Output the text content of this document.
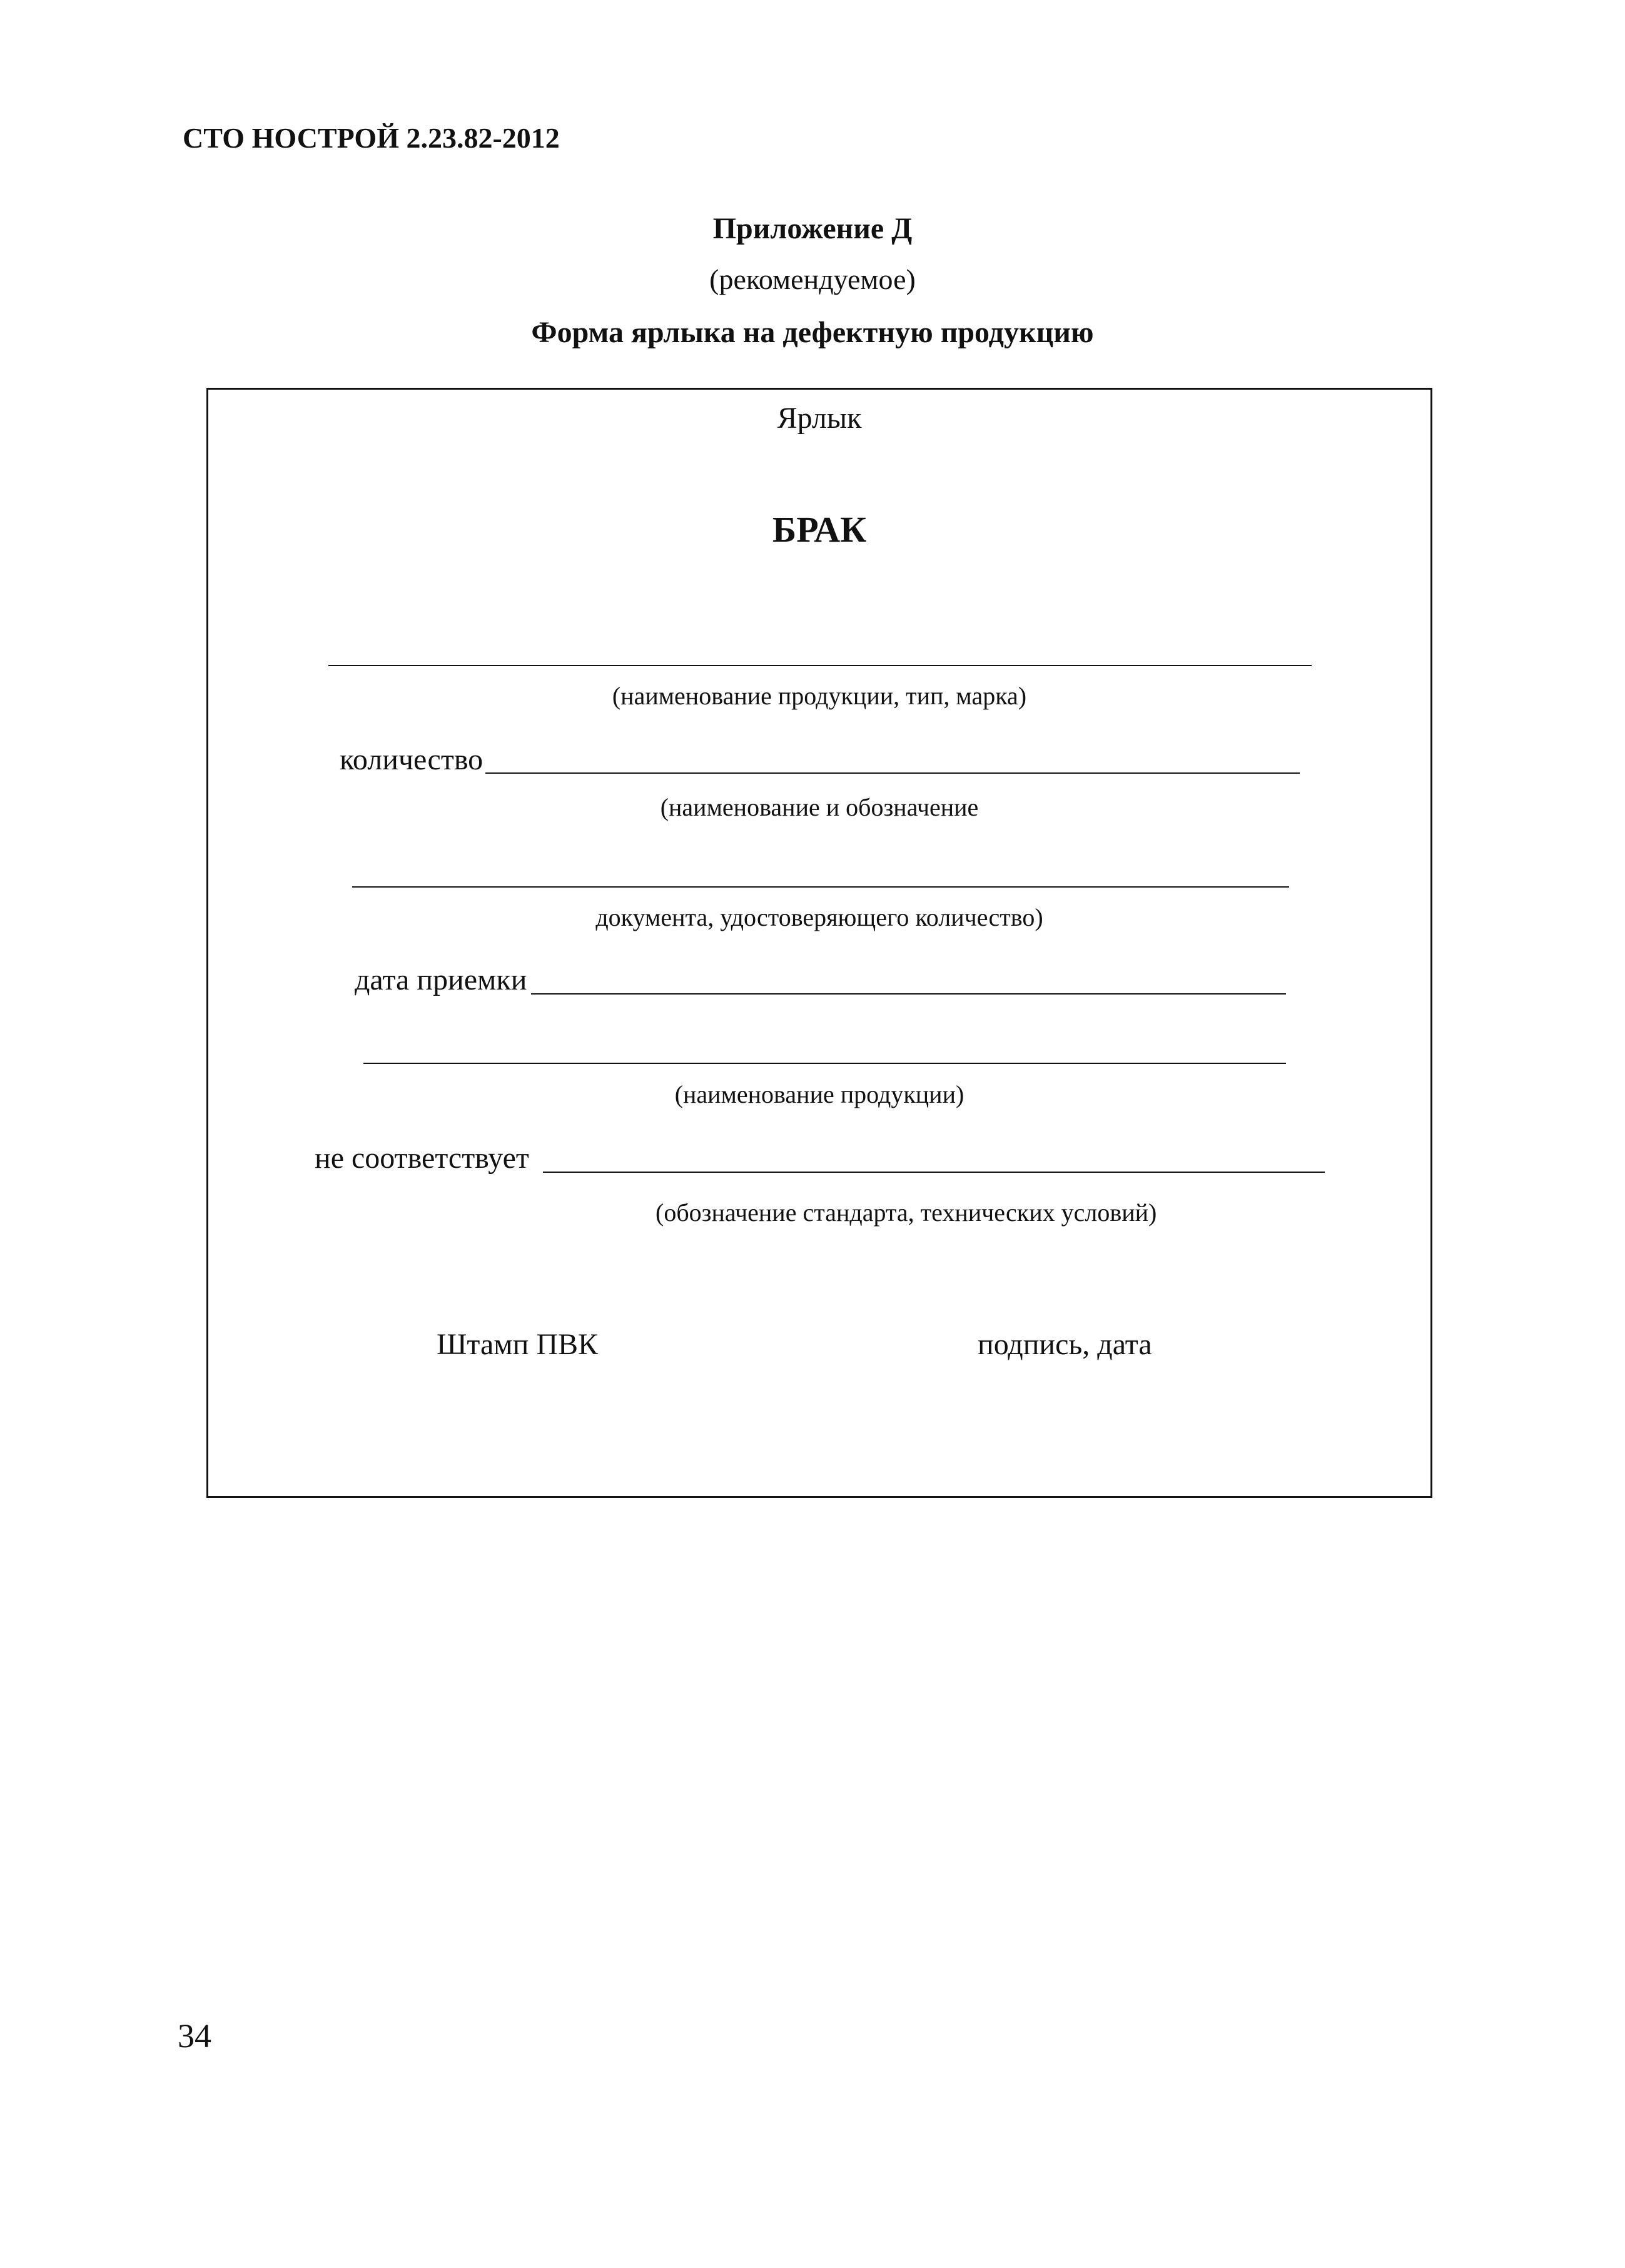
СТО НОСТРОЙ 2.23.82-2012
Приложение Д
(рекомендуемое)
Форма ярлыка на дефектную продукцию
Ярлык
БРАК
(наименование продукции, тип, марка)
количество
(наименование и обозначение
документа, удостоверяющего количество)
дата приемки
(наименование продукции)
не соответствует
(обозначение стандарта, технических условий)
Штамп ПВК	подпись, дата
34
